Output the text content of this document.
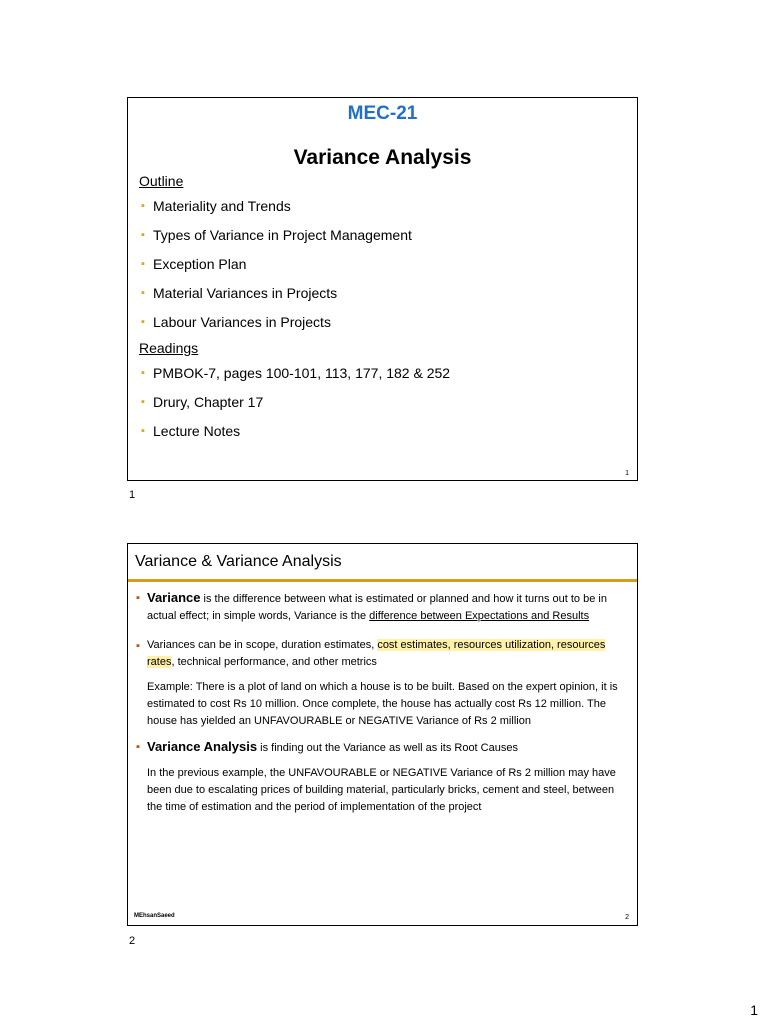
MEC-21
Variance Analysis
Outline
▪ Materiality and Trends
▪ Types of Variance in Project Management
▪ Exception Plan
▪ Material Variances in Projects
▪ Labour Variances in Projects
Readings
▪ PMBOK-7, pages 100-101, 113, 177, 182 & 252
▪ Drury, Chapter 17
▪ Lecture Notes
1
1
Variance & Variance Analysis
▪ Variance is the difference between what is estimated or planned and how it turns out to be in actual effect; in simple words, Variance is the difference between Expectations and Results
▪ Variances can be in scope, duration estimates, cost estimates, resources utilization, resources rates, technical performance, and other metrics
Example: There is a plot of land on which a house is to be built. Based on the expert opinion, it is estimated to cost Rs 10 million. Once complete, the house has actually cost Rs 12 million. The house has yielded an UNFAVOURABLE or NEGATIVE Variance of Rs 2 million
▪ Variance Analysis is finding out the Variance as well as its Root Causes
In the previous example, the UNFAVOURABLE or NEGATIVE Variance of Rs 2 million may have been due to escalating prices of building material, particularly bricks, cement and steel, between the time of estimation and the period of implementation of the project
MEhsanSaeed	2
2
1
